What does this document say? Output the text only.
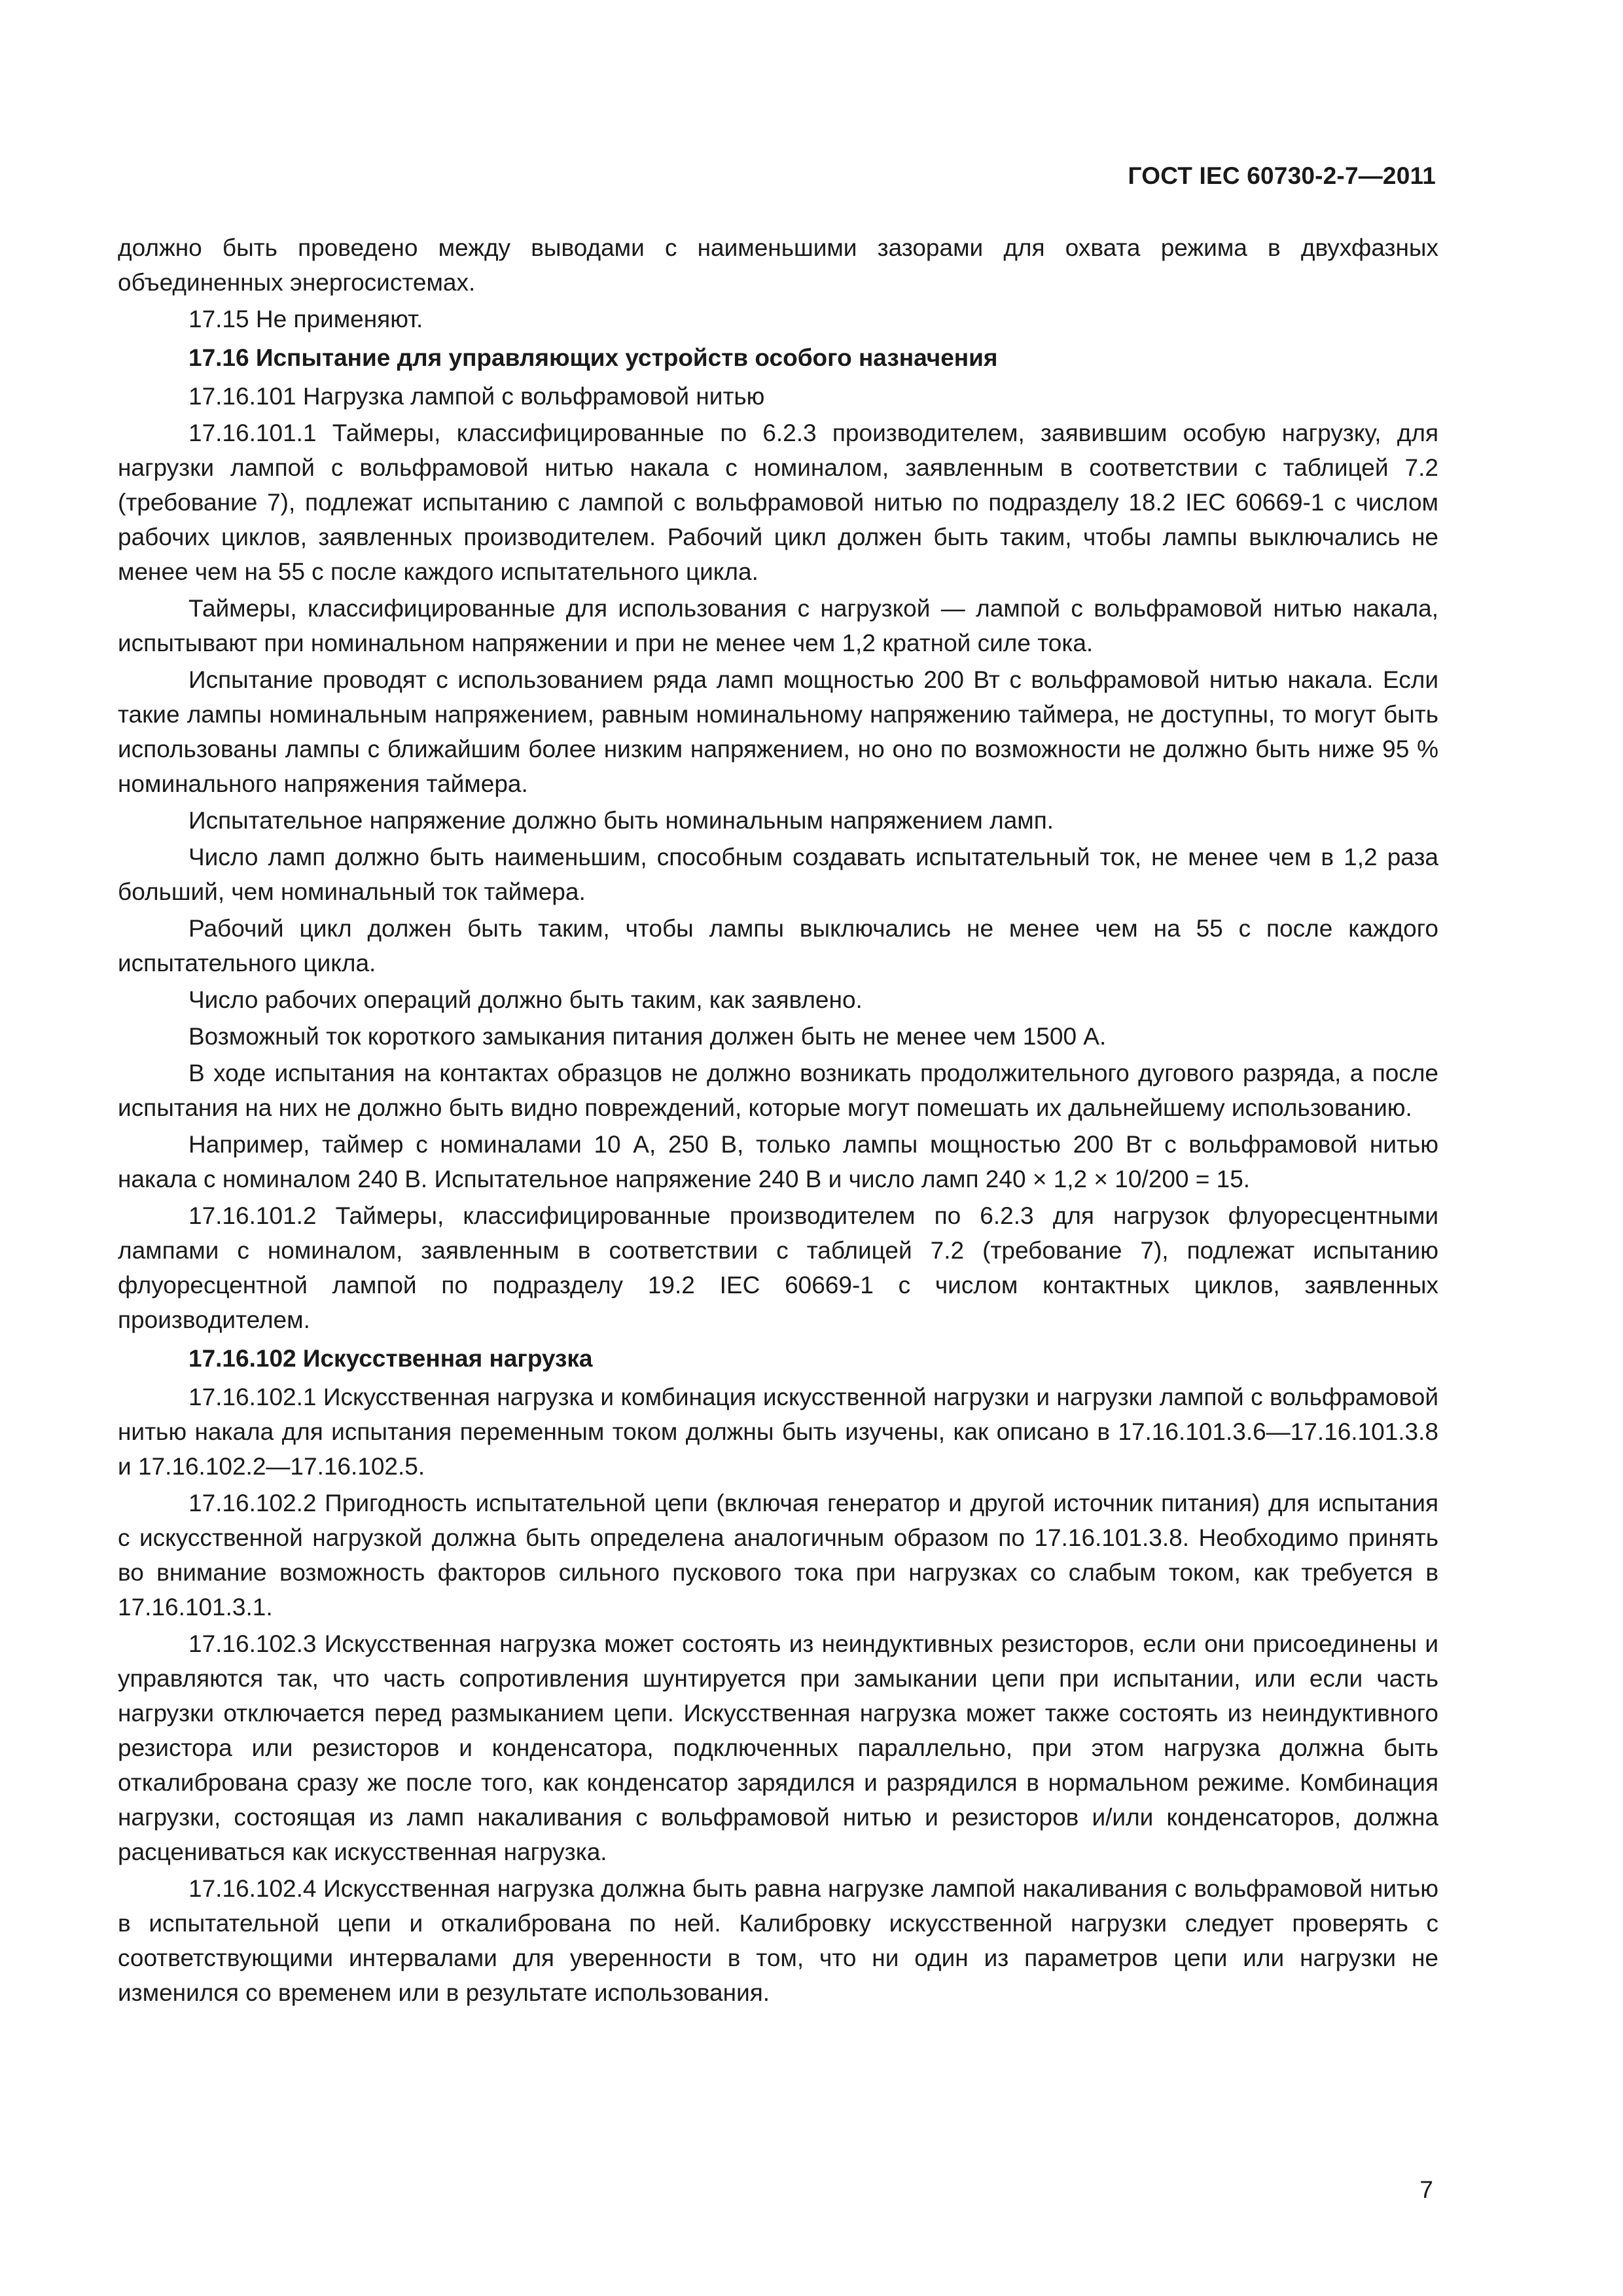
ГОСТ IEC 60730-2-7—2011

должно быть проведено между выводами с наименьшими зазорами для охвата режима в двухфазных объединенных энергосистемах.

17.15 Не применяют.

17.16 Испытание для управляющих устройств особого назначения

17.16.101 Нагрузка лампой с вольфрамовой нитью

17.16.101.1 Таймеры, классифицированные по 6.2.3 производителем, заявившим особую нагрузку, для нагрузки лампой с вольфрамовой нитью накала с номиналом, заявленным в соответствии с таблицей 7.2 (требование 7), подлежат испытанию с лампой с вольфрамовой нитью по подразделу 18.2 IEC 60669-1 с числом рабочих циклов, заявленных производителем. Рабочий цикл должен быть таким, чтобы лампы выключались не менее чем на 55 с после каждого испытательного цикла.

Таймеры, классифицированные для использования с нагрузкой — лампой с вольфрамовой нитью накала, испытывают при номинальном напряжении и при не менее чем 1,2 кратной силе тока.

Испытание проводят с использованием ряда ламп мощностью 200 Вт с вольфрамовой нитью накала. Если такие лампы номинальным напряжением, равным номинальному напряжению таймера, не доступны, то могут быть использованы лампы с ближайшим более низким напряжением, но оно по возможности не должно быть ниже 95 % номинального напряжения таймера.

Испытательное напряжение должно быть номинальным напряжением ламп.

Число ламп должно быть наименьшим, способным создавать испытательный ток, не менее чем в 1,2 раза больший, чем номинальный ток таймера.

Рабочий цикл должен быть таким, чтобы лампы выключались не менее чем на 55 с после каждого испытательного цикла.

Число рабочих операций должно быть таким, как заявлено.

Возможный ток короткого замыкания питания должен быть не менее чем 1500 А.

В ходе испытания на контактах образцов не должно возникать продолжительного дугового разряда, а после испытания на них не должно быть видно повреждений, которые могут помешать их дальнейшему использованию.

Например, таймер с номиналами 10 А, 250 В, только лампы мощностью 200 Вт с вольфрамовой нитью накала с номиналом 240 В. Испытательное напряжение 240 В и число ламп 240 × 1,2 × 10/200 = 15.

17.16.101.2 Таймеры, классифицированные производителем по 6.2.3 для нагрузок флуоресцентными лампами с номиналом, заявленным в соответствии с таблицей 7.2 (требование 7), подлежат испытанию флуоресцентной лампой по подразделу 19.2 IEC 60669-1 с числом контактных циклов, заявленных производителем.

17.16.102 Искусственная нагрузка

17.16.102.1 Искусственная нагрузка и комбинация искусственной нагрузки и нагрузки лампой с вольфрамовой нитью накала для испытания переменным током должны быть изучены, как описано в 17.16.101.3.6—17.16.101.3.8 и 17.16.102.2—17.16.102.5.

17.16.102.2 Пригодность испытательной цепи (включая генератор и другой источник питания) для испытания с искусственной нагрузкой должна быть определена аналогичным образом по 17.16.101.3.8. Необходимо принять во внимание возможность факторов сильного пускового тока при нагрузках со слабым током, как требуется в 17.16.101.3.1.

17.16.102.3 Искусственная нагрузка может состоять из неиндуктивных резисторов, если они присоединены и управляются так, что часть сопротивления шунтируется при замыкании цепи при испытании, или если часть нагрузки отключается перед размыканием цепи. Искусственная нагрузка может также состоять из неиндуктивного резистора или резисторов и конденсатора, подключенных параллельно, при этом нагрузка должна быть откалибрована сразу же после того, как конденсатор зарядился и разрядился в нормальном режиме. Комбинация нагрузки, состоящая из ламп накаливания с вольфрамовой нитью и резисторов и/или конденсаторов, должна расцениваться как искусственная нагрузка.

17.16.102.4 Искусственная нагрузка должна быть равна нагрузке лампой накаливания с вольфрамовой нитью в испытательной цепи и откалибрована по ней. Калибровку искусственной нагрузки следует проверять с соответствующими интервалами для уверенности в том, что ни один из параметров цепи или нагрузки не изменился со временем или в результате использования.

7
